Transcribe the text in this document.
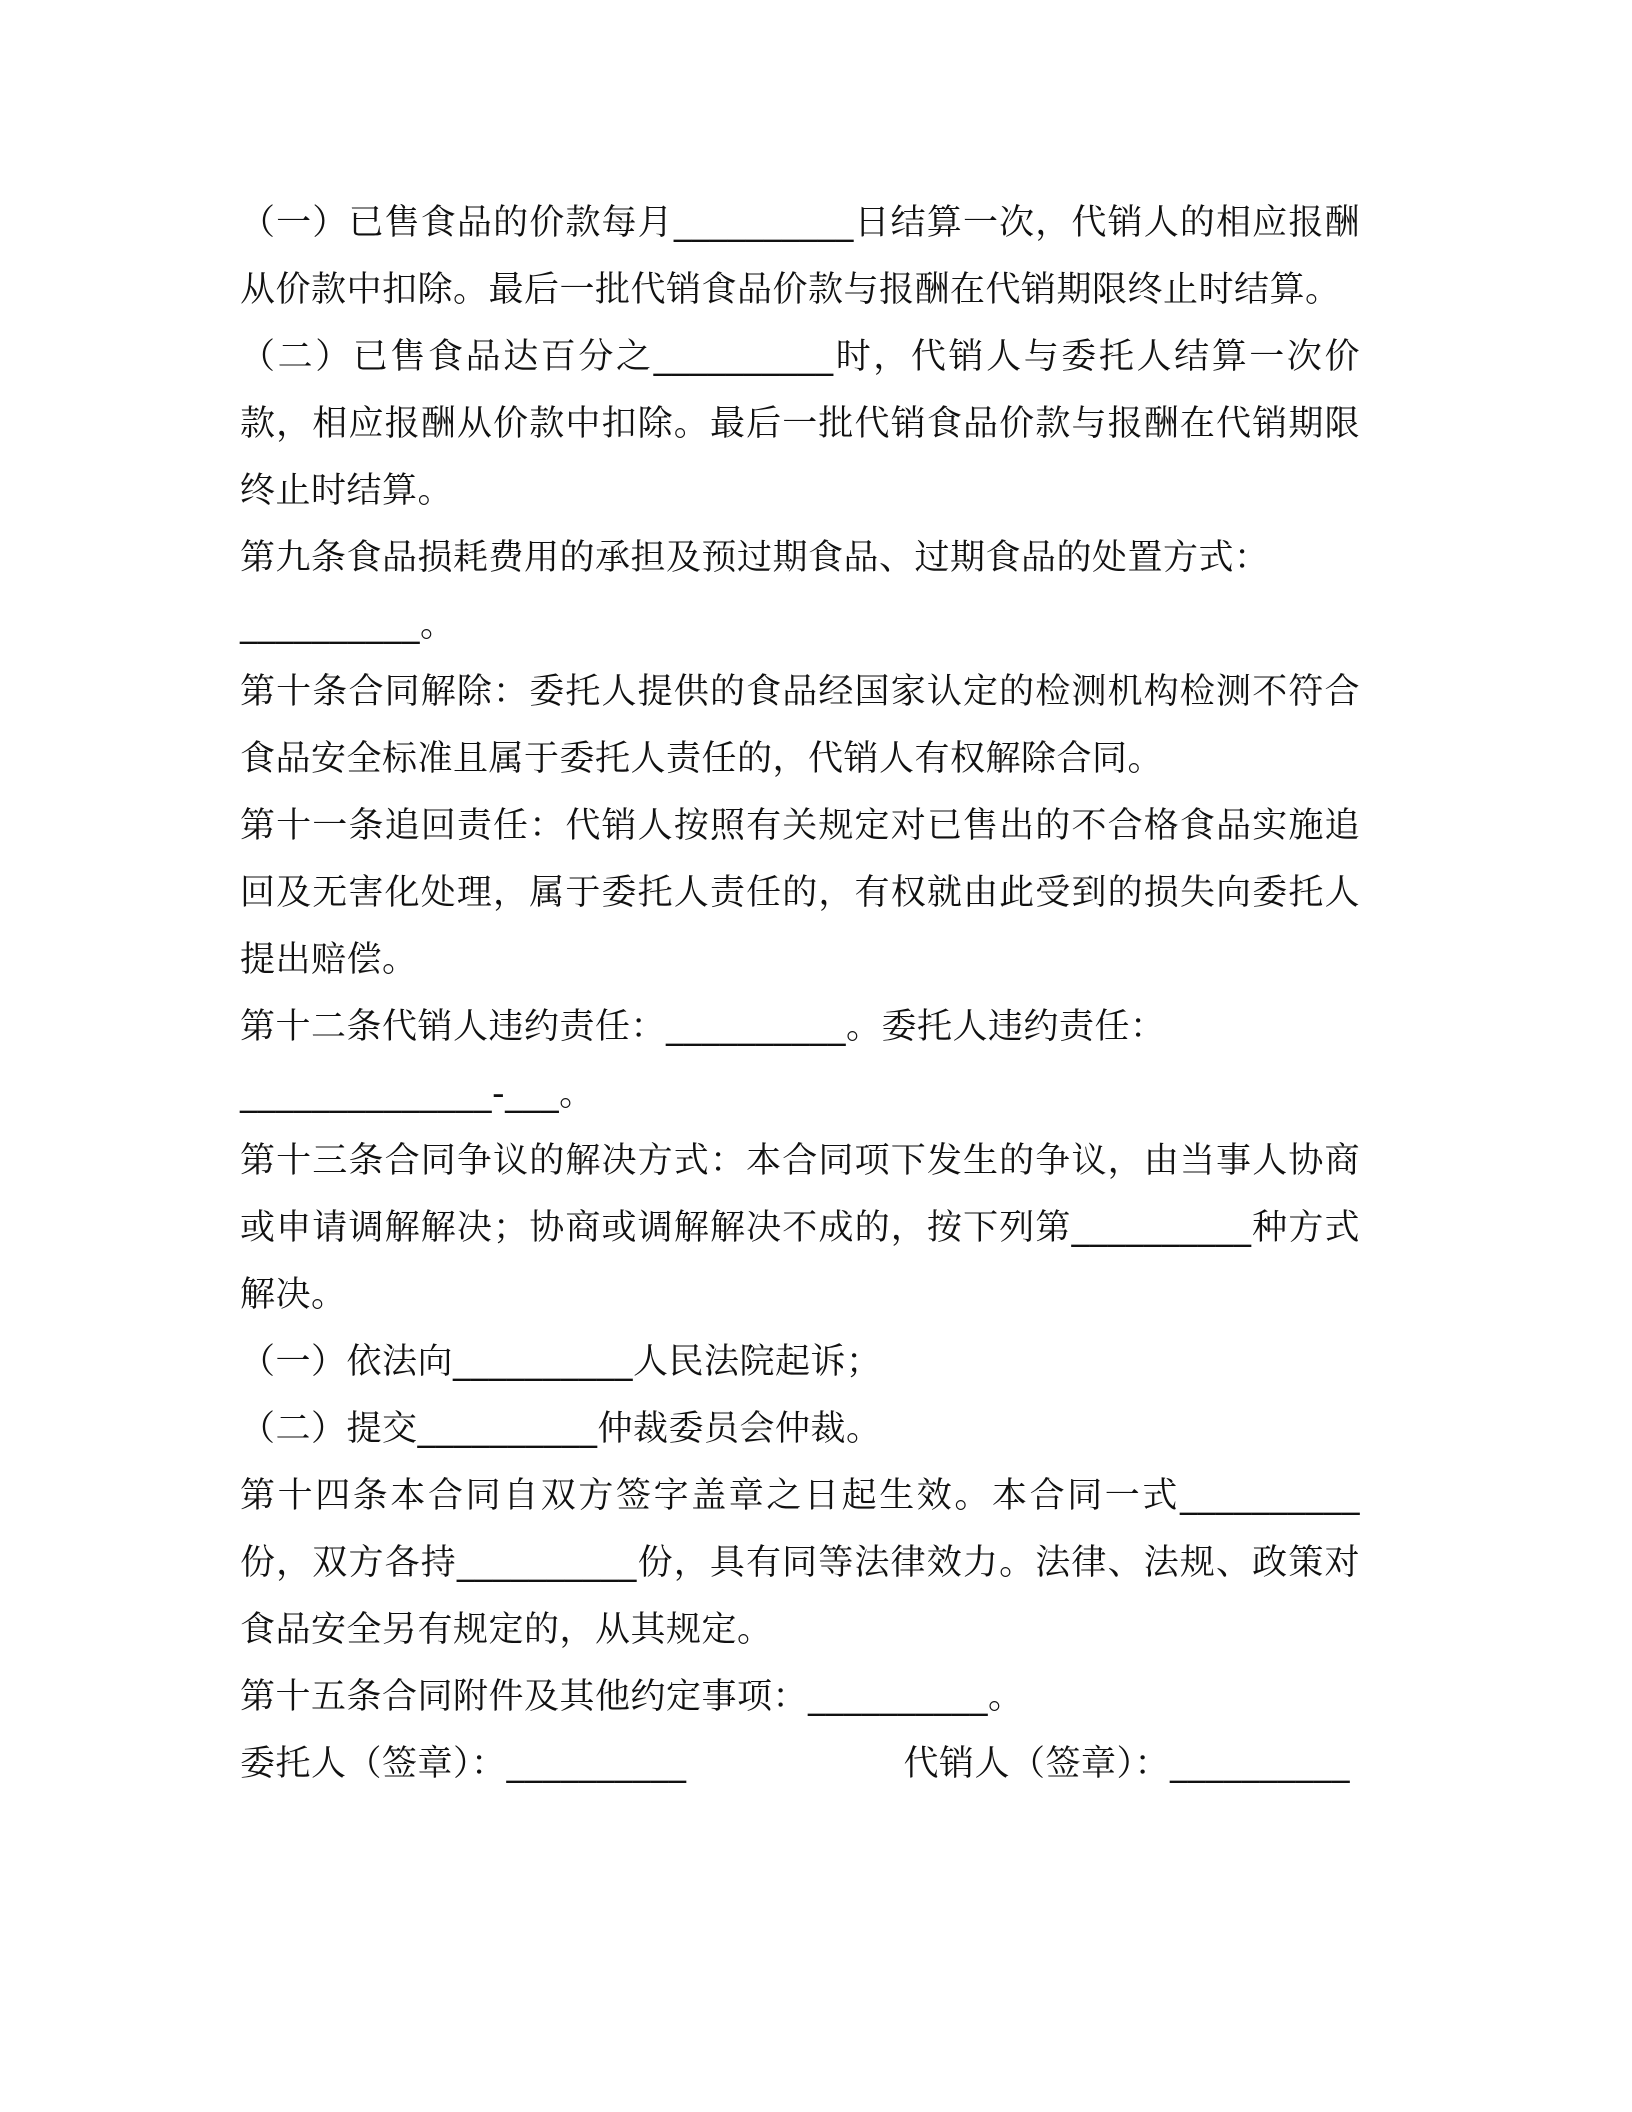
（一）已售食品的价款每月__________日结算一次，代销人的相应报酬从价款中扣除。最后一批代销食品价款与报酬在代销期限终止时结算。

（二）已售食品达百分之__________时，代销人与委托人结算一次价款，相应报酬从价款中扣除。最后一批代销食品价款与报酬在代销期限终止时结算。

第九条食品损耗费用的承担及预过期食品、过期食品的处置方式：

__________。

第十条合同解除：委托人提供的食品经国家认定的检测机构检测不符合食品安全标准且属于委托人责任的，代销人有权解除合同。

第十一条追回责任：代销人按照有关规定对已售出的不合格食品实施追回及无害化处理，属于委托人责任的，有权就由此受到的损失向委托人提出赔偿。

第十二条代销人违约责任：__________。委托人违约责任：

______________-___。

第十三条合同争议的解决方式：本合同项下发生的争议，由当事人协商或申请调解解决；协商或调解解决不成的，按下列第__________种方式解决。

（一）依法向__________人民法院起诉；

（二）提交__________仲裁委员会仲裁。

第十四条本合同自双方签字盖章之日起生效。本合同一式__________份，双方各持__________份，具有同等法律效力。法律、法规、政策对食品安全另有规定的，从其规定。

第十五条合同附件及其他约定事项：__________。

委托人（签章）：__________	代销人（签章）：__________
